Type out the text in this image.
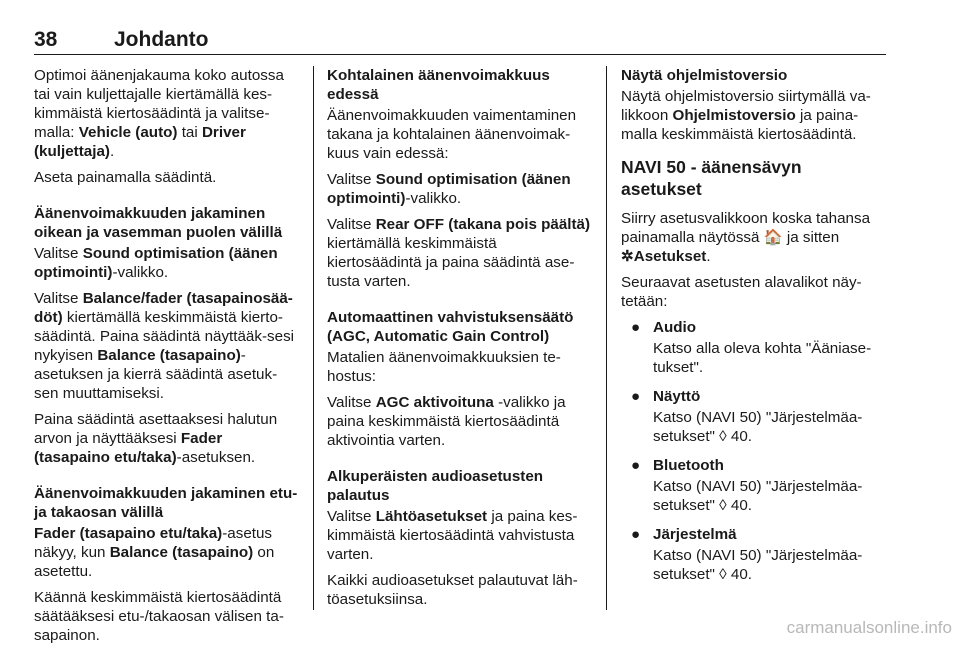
38	Johdanto

Optimoi äänenjakauma koko autossa tai vain kuljettajalle kiertämällä kes-kimmäistä kiertosäädintä ja valitse-malla: Vehicle (auto) tai Driver (kuljettaja).

Aseta painamalla säädintä.

Äänenvoimakkuuden jakaminen oikean ja vasemman puolen välillä

Valitse Sound optimisation (äänen optimointi)-valikko.

Valitse Balance/fader (tasapainosää-döt) kiertämällä keskimmäistä kierto-säädintä. Paina säädintä näyttääk-sesi nykyisen Balance (tasapaino)-asetuksen ja kierrä säädintä asetuk-sen muuttamiseksi.

Paina säädintä asettaaksesi halutun arvon ja näyttääksesi Fader (tasapaino etu/taka)-asetuksen.

Äänenvoimakkuuden jakaminen etu- ja takaosan välillä

Fader (tasapaino etu/taka)-asetus näkyy, kun Balance (tasapaino) on asetettu.

Käännä keskimmäistä kiertosäädintä säätääksesi etu-/takaosan välisen ta-sapainon.

Kohtalainen äänenvoimakkuus edessä

Äänenvoimakkuuden vaimentaminen takana ja kohtalainen äänenvoimak-kuus vain edessä:

Valitse Sound optimisation (äänen optimointi)-valikko.

Valitse Rear OFF (takana pois päältä) kiertämällä keskimmäistä kiertosäädintä ja paina säädintä ase-tusta varten.

Automaattinen vahvistuksensäätö (AGC, Automatic Gain Control)

Matalien äänenvoimakkuuksien te-hostus:

Valitse AGC aktivoituna -valikko ja paina keskimmäistä kiertosäädintä aktivointia varten.

Alkuperäisten audioasetusten palautus

Valitse Lähtöasetukset ja paina kes-kimmäistä kiertosäädintä vahvistusta varten.

Kaikki audioasetukset palautuvat läh-töasetuksiinsa.

Näytä ohjelmistoversio

Näytä ohjelmistoversio siirtymällä va-likkoon Ohjelmistoversio ja paina-malla keskimmäistä kiertosäädintä.

NAVI 50 - äänensävyn asetukset

Siirry asetusvalikkoon koska tahansa painamalla näytössä 🏠 ja sitten
✲Asetukset.

Seuraavat asetusten alavalikot näy-tetään:

● Audio
Katso alla oleva kohta "Ääniase-tukset".
● Näyttö
Katso (NAVI 50) "Järjestelmäa-setukset" ◊ 40.
● Bluetooth
Katso (NAVI 50) "Järjestelmäa-setukset" ◊ 40.
● Järjestelmä
Katso (NAVI 50) "Järjestelmäa-setukset" ◊ 40.
carmanualsonline.info
